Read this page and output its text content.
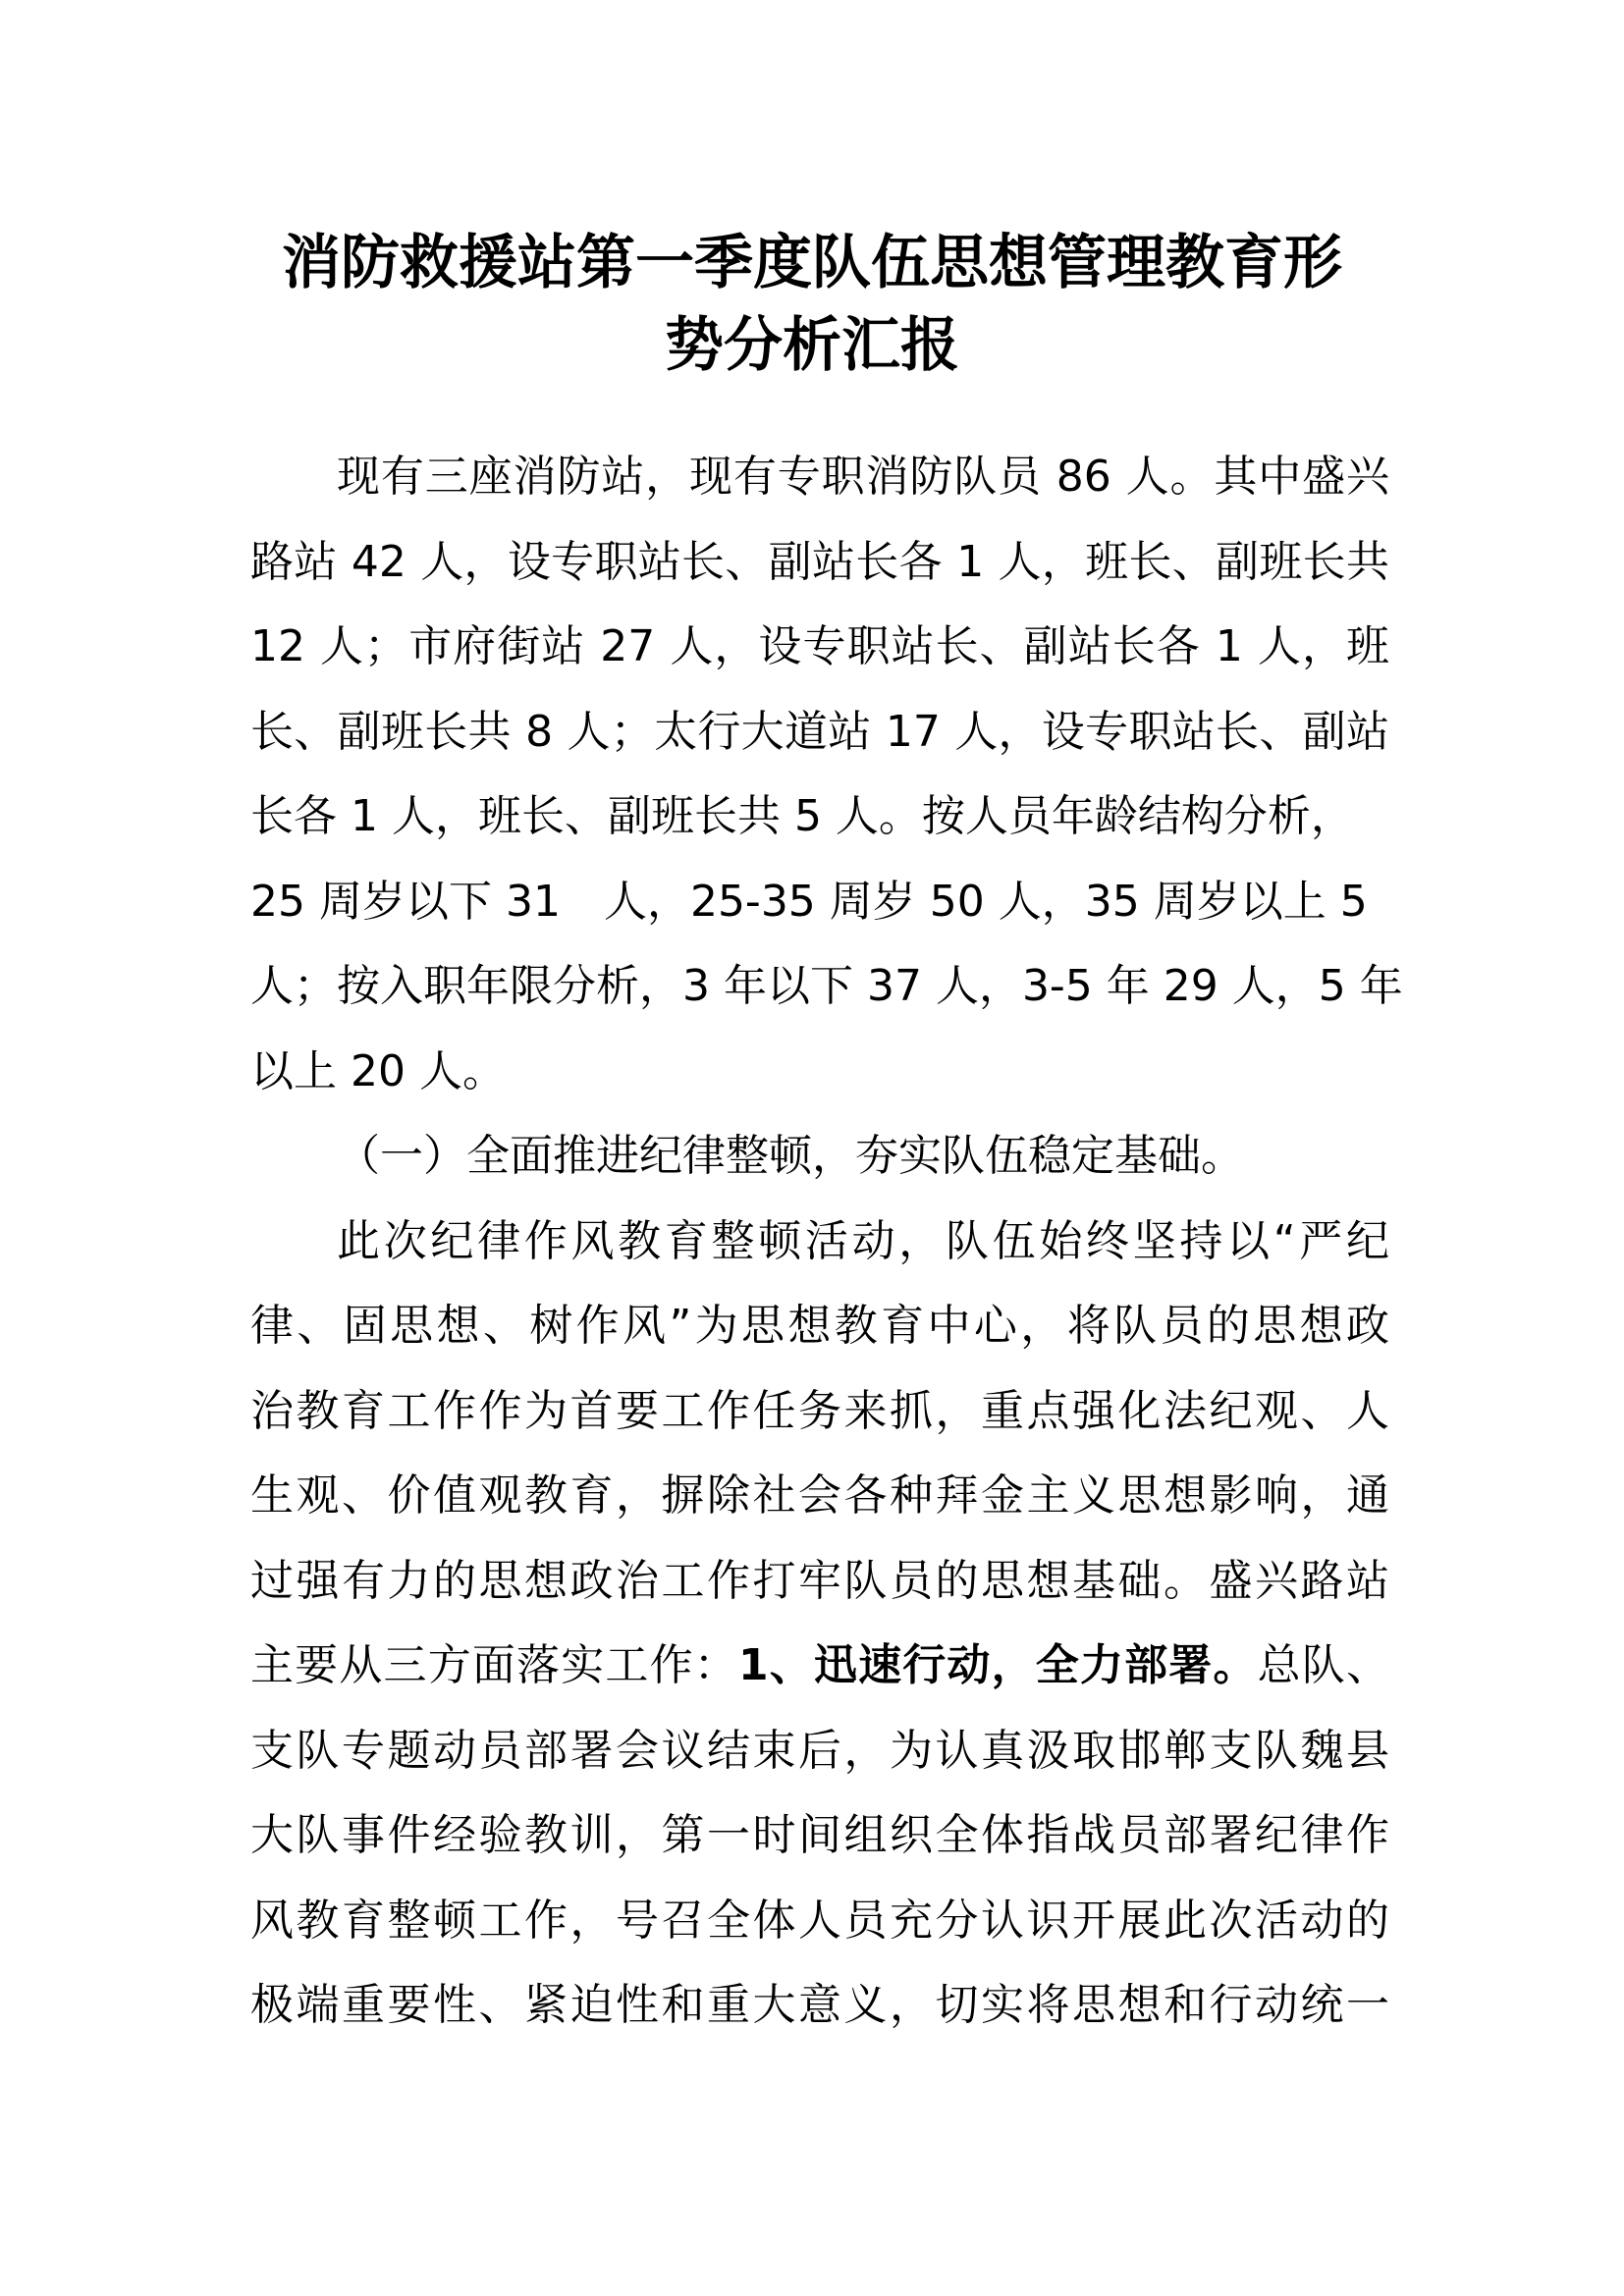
消防救援站第一季度队伍思想管理教育形
势分析汇报
现有三座消防站，现有专职消防队员 86 人。其中盛兴
路站 42 人，设专职站长、副站长各 1 人，班长、副班长共
12 人；市府街站 27 人，设专职站长、副站长各 1 人，班
长、副班长共 8 人；太行大道站 17 人，设专职站长、副站
长各 1 人，班长、副班长共 5 人。按人员年龄结构分析，
25 周岁以下 31　人，25-35 周岁 50 人，35 周岁以上 5
人；按入职年限分析，3 年以下 37 人，3-5 年 29 人，5 年
以上 20 人。
（一）全面推进纪律整顿，夯实队伍稳定基础。
此次纪律作风教育整顿活动，队伍始终坚持以“严纪
律、固思想、树作风”为思想教育中心，将队员的思想政
治教育工作作为首要工作任务来抓，重点强化法纪观、人
生观、价值观教育，摒除社会各种拜金主义思想影响，通
过强有力的思想政治工作打牢队员的思想基础。盛兴路站
主要从三方面落实工作：1、迅速行动，全力部署。总队、
支队专题动员部署会议结束后，为认真汲取邯郸支队魏县
大队事件经验教训，第一时间组织全体指战员部署纪律作
风教育整顿工作，号召全体人员充分认识开展此次活动的
极端重要性、紧迫性和重大意义，切实将思想和行动统一
